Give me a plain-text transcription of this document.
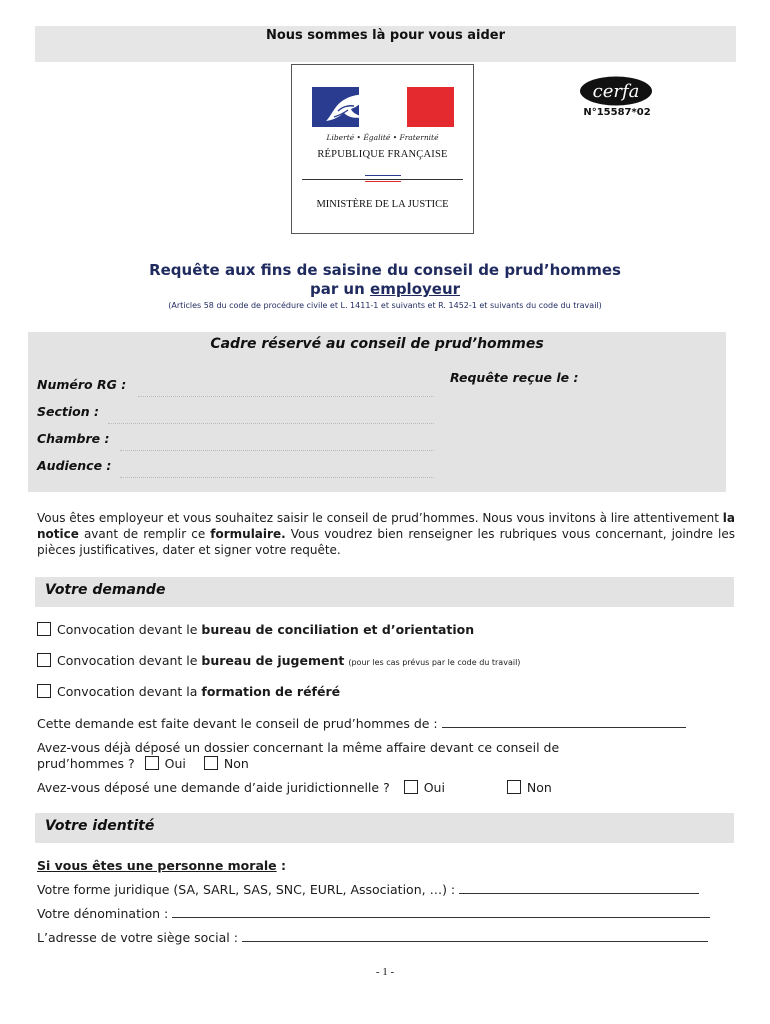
Nous sommes là pour vous aider
Liberté • Égalité • Fraternité
RÉPUBLIQUE FRANÇAISE
MINISTÈRE DE LA JUSTICE
cerfa
N°15587*02
Requête aux fins de saisine du conseil de prud’hommes
par un employeur
(Articles 58 du code de procédure civile et L. 1411-1 et suivants et R. 1452-1 et suivants du code du travail)
Cadre réservé au conseil de prud’hommes
Numéro RG :	Requête reçue le :
Section :
Chambre :
Audience :
Vous êtes employeur et vous souhaitez saisir le conseil de prud’hommes. Nous vous invitons à lire attentivement la notice avant de remplir ce formulaire. Vous voudrez bien renseigner les rubriques vous concernant, joindre les pièces justificatives, dater et signer votre requête.
Votre demande
Convocation devant le bureau de conciliation et d’orientation
Convocation devant le bureau de jugement (pour les cas prévus par le code du travail)
Convocation devant la formation de référé
Cette demande est faite devant le conseil de prud’hommes de :
Avez-vous déjà déposé un dossier concernant la même affaire devant ce conseil de
prud’hommes ? Oui	Non
Avez-vous déposé une demande d’aide juridictionnelle ?	Oui	Non
Votre identité
Si vous êtes une personne morale :
Votre forme juridique (SA, SARL, SAS, SNC, EURL, Association, …) :
Votre dénomination :
L’adresse de votre siège social :
- 1 -
